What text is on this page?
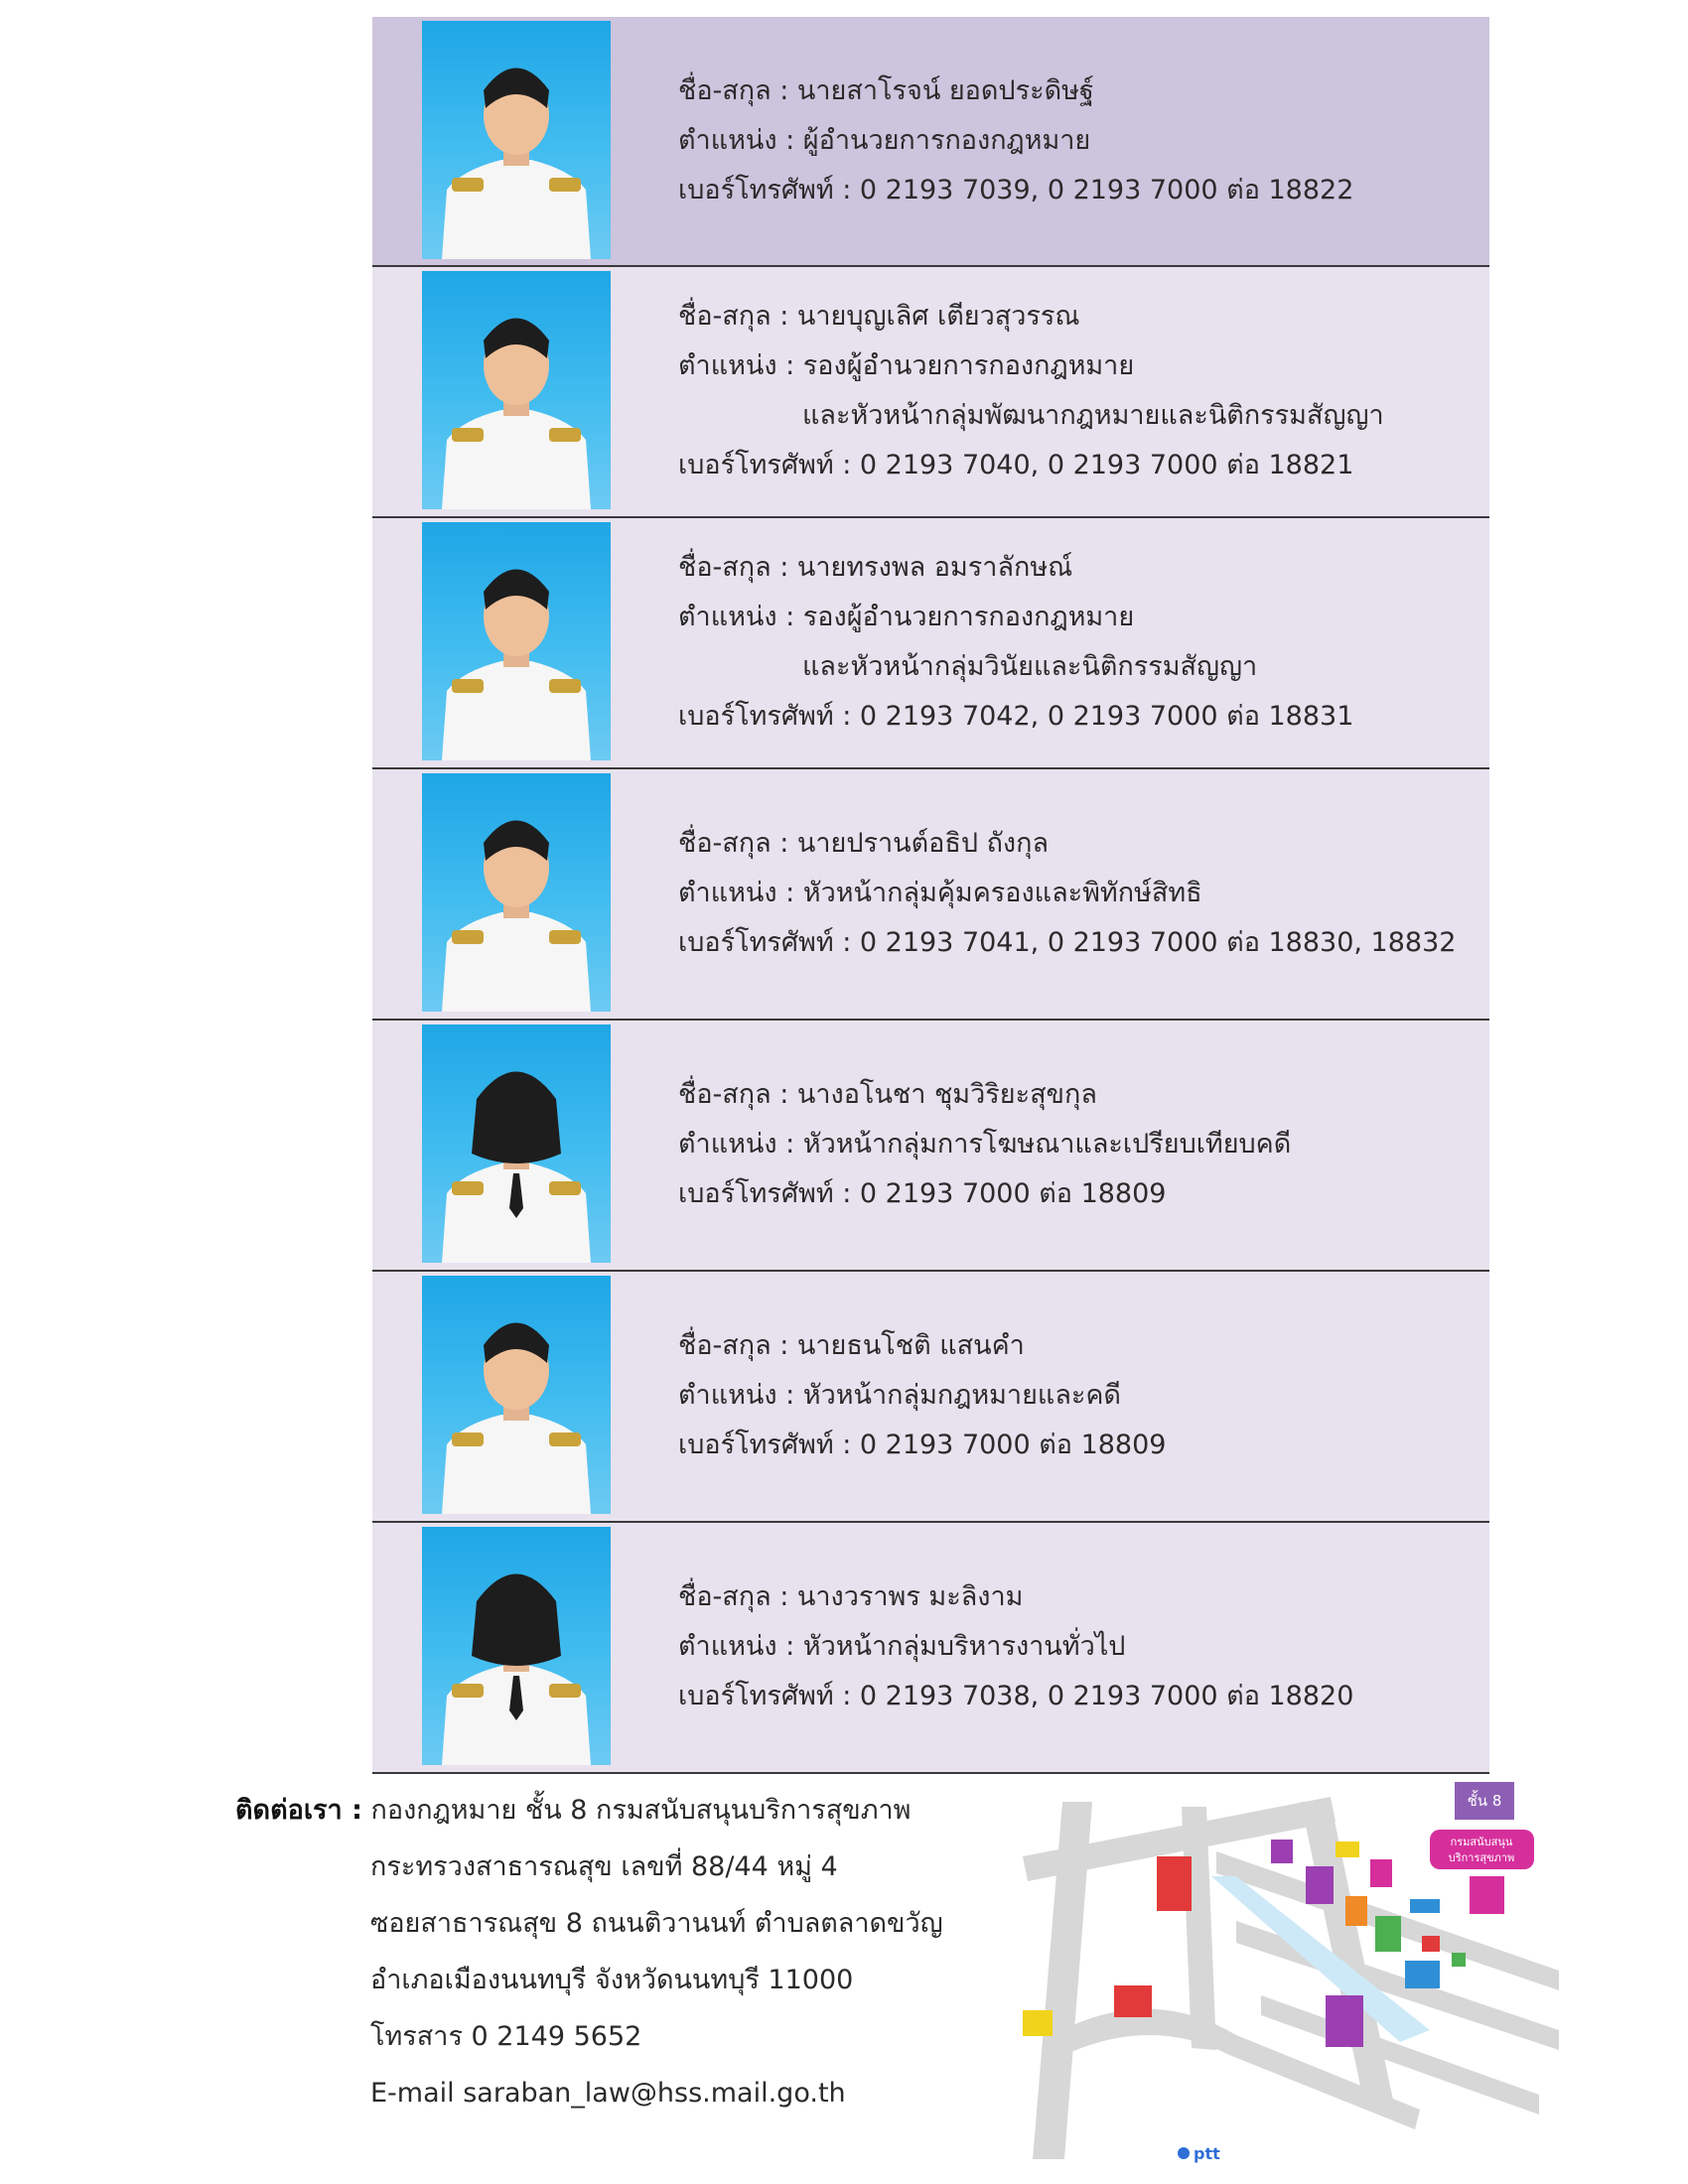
ชื่อ-สกุล : นายสาโรจน์ ยอดประดิษฐ์
ตำแหน่ง : ผู้อำนวยการกองกฎหมาย
เบอร์โทรศัพท์ : 0 2193 7039, 0 2193 7000 ต่อ 18822
ชื่อ-สกุล : นายบุญเลิศ เตียวสุวรรณ
ตำแหน่ง : รองผู้อำนวยการกองกฎหมาย
และหัวหน้ากลุ่มพัฒนากฎหมายและนิติกรรมสัญญา
เบอร์โทรศัพท์ : 0 2193 7040, 0 2193 7000 ต่อ 18821
ชื่อ-สกุล : นายทรงพล อมราลักษณ์
ตำแหน่ง : รองผู้อำนวยการกองกฎหมาย
และหัวหน้ากลุ่มวินัยและนิติกรรมสัญญา
เบอร์โทรศัพท์ : 0 2193 7042, 0 2193 7000 ต่อ 18831
ชื่อ-สกุล : นายปรานต์อธิป ถังกุล
ตำแหน่ง : หัวหน้ากลุ่มคุ้มครองและพิทักษ์สิทธิ
เบอร์โทรศัพท์ : 0 2193 7041, 0 2193 7000 ต่อ 18830, 18832
ชื่อ-สกุล : นางอโนชา ชุมวิริยะสุขกุล
ตำแหน่ง : หัวหน้ากลุ่มการโฆษณาและเปรียบเทียบคดี
เบอร์โทรศัพท์ : 0 2193 7000 ต่อ 18809
ชื่อ-สกุล : นายธนโชติ แสนคำ
ตำแหน่ง : หัวหน้ากลุ่มกฎหมายและคดี
เบอร์โทรศัพท์ : 0 2193 7000 ต่อ 18809
ชื่อ-สกุล : นางวราพร มะลิงาม
ตำแหน่ง : หัวหน้ากลุ่มบริหารงานทั่วไป
เบอร์โทรศัพท์ : 0 2193 7038, 0 2193 7000 ต่อ 18820
ติดต่อเรา : กองกฎหมาย ชั้น 8 กรมสนับสนุนบริการสุขภาพ
กระทรวงสาธารณสุข เลขที่ 88/44 หมู่ 4
ซอยสาธารณสุข 8 ถนนติวานนท์ ตำบลตลาดขวัญ
อำเภอเมืองนนทบุรี จังหวัดนนทบุรี 11000
โทรสาร 0 2149 5652
E-mail saraban_law@hss.mail.go.th
ชั้น 8
กรมสนับสนุน
บริการสุขภาพ
ptt
